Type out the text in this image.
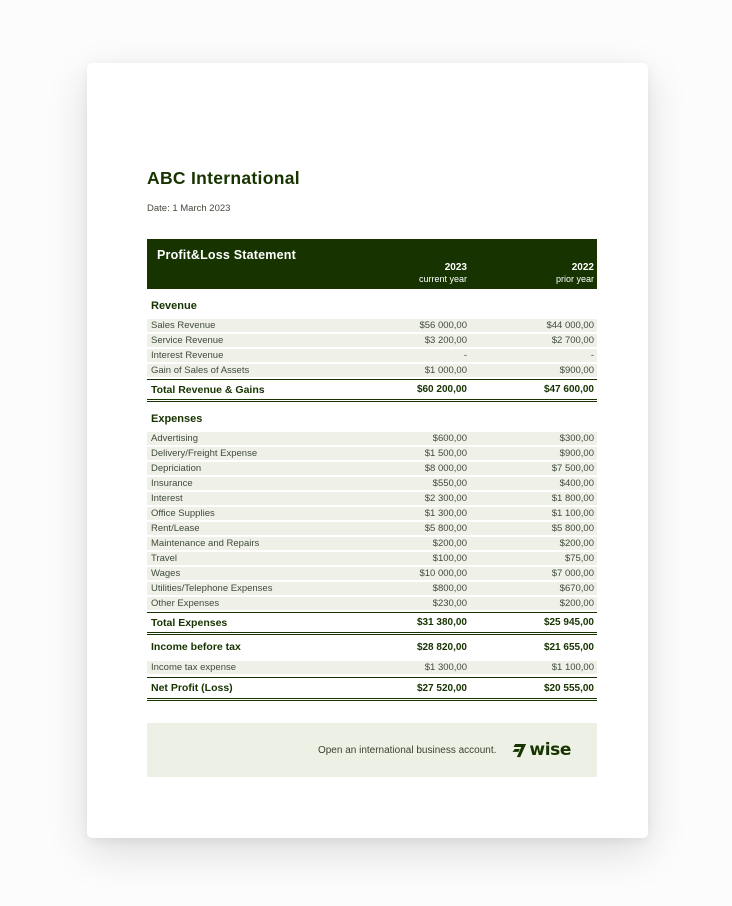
ABC International
Date: 1 March 2023
Profit&Loss Statement
2023
current year
2022
prior year
Revenue
Sales Revenue	$56 000,00	$44 000,00
Service Revenue	$3 200,00	$2 700,00
Interest Revenue	-	-
Gain of Sales of Assets	$1 000,00	$900,00
Total Revenue & Gains	$60 200,00	$47 600,00
Expenses
Advertising	$600,00	$300,00
Delivery/Freight Expense	$1 500,00	$900,00
Depriciation	$8 000,00	$7 500,00
Insurance	$550,00	$400,00
Interest	$2 300,00	$1 800,00
Office Supplies	$1 300,00	$1 100,00
Rent/Lease	$5 800,00	$5 800,00
Maintenance and Repairs	$200,00	$200,00
Travel	$100,00	$75,00
Wages	$10 000,00	$7 000,00
Utilities/Telephone Expenses	$800,00	$670,00
Other Expenses	$230,00	$200,00
Total Expenses	$31 380,00	$25 945,00
Income before tax	$28 820,00	$21 655,00
Income tax expense	$1 300,00	$1 100,00
Net Profit (Loss)	$27 520,00	$20 555,00
Open an international business account. wise
